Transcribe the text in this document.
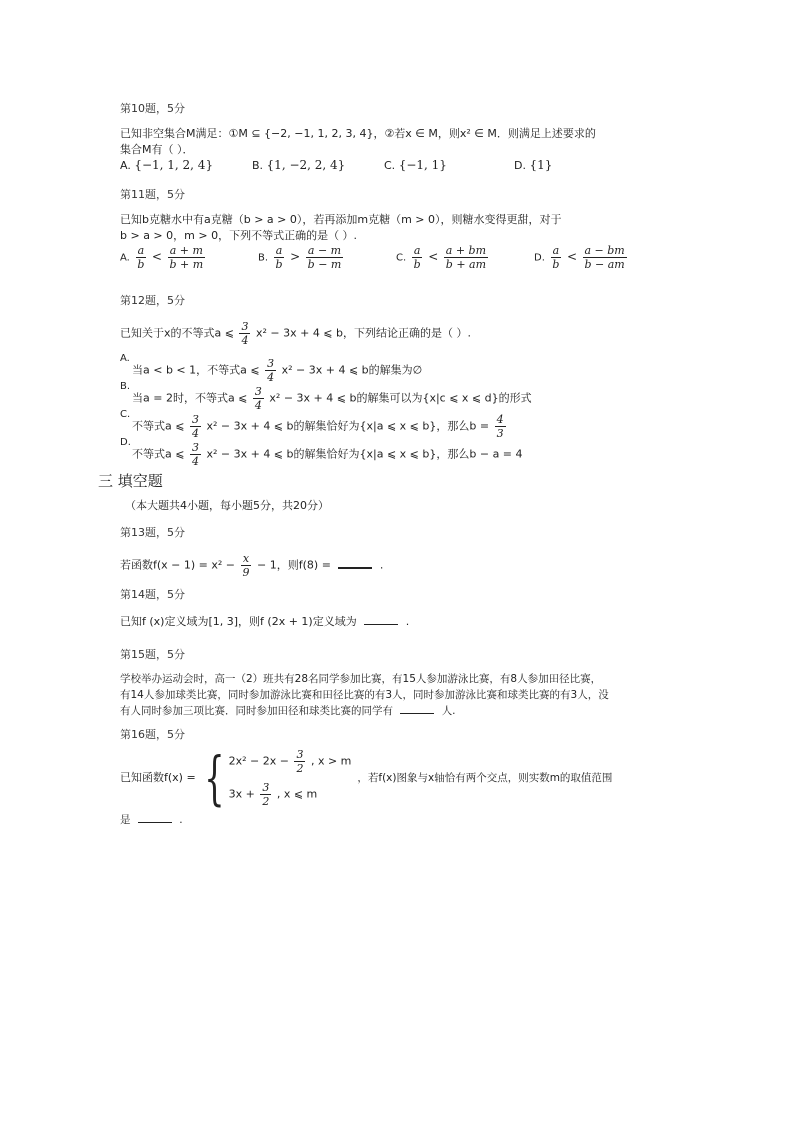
第10题，5分
已知非空集合M满足：①M ⊆ {−2, −1, 1, 2, 3, 4}，②若x ∈ M，则x² ∈ M．则满足上述要求的
集合M有（ ）．
A. {−1, 1, 2, 4}	B. {1, −2, 2, 4}	C. {−1, 1}	D. {1}
第11题，5分
已知b克糖水中有a克糖（b > a > 0），若再添加m克糖（m > 0），则糖水变得更甜，对于
b > a > 0，m > 0，下列不等式正确的是（ ）.
A. $\frac{a}{b} < \frac{a + m}{b + m}$	B. $\frac{a}{b} > \frac{a - m}{b - m}$	C. $\frac{a}{b} < \frac{a + bm}{b + am}$	D. $\frac{a}{b} < \frac{a - bm}{b - am}$
第12题，5分
已知关于x的不等式a ⩽ $\frac{3}{4} x^2 - 3x + 4$ ⩽ b，下列结论正确的是（ ）.
A.
当a < b < 1，不等式a ⩽ $\frac{3}{4} x^2 - 3x + 4$ ⩽ b的解集为∅
B.
当a = 2时，不等式a ⩽ $\frac{3}{4} x^2 - 3x + 4$ ⩽ b的解集可以为{x|c ⩽ x ⩽ d}的形式
C.
不等式a ⩽ $\frac{3}{4} x^2 - 3x + 4$ ⩽ b的解集恰好为{x|a ⩽ x ⩽ b}，那么$b = \frac{4}{3}$
D.
不等式a ⩽ $\frac{3}{4} x^2 - 3x + 4$ ⩽ b的解集恰好为{x|a ⩽ x ⩽ b}，那么b − a = 4
三 填空题
（本大题共4小题，每小题5分，共20分）
第13题，5分
若函数$f(x - 1) = x^2 - \frac{x}{9} - 1$，则f(8) =	.
第14题，5分
已知f (x)定义域为[1, 3]，则f (2x + 1)定义域为	.
第15题，5分
学校举办运动会时，高一（2）班共有28名同学参加比赛，有15人参加游泳比赛，有8人参加田径比赛，
有14人参加球类比赛，同时参加游泳比赛和田径比赛的有3人，同时参加游泳比赛和球类比赛的有3人，没
有人同时参加三项比赛．同时参加田径和球类比赛的同学有	人.
第16题，5分
已知函数f(x) = { $2x^2 - 2x - \frac{3}{2}$ , x > m
$3x + \frac{3}{2}$ , x ⩽ m
，若f(x)图象与x轴恰有两个交点，则实数m的取值范围
是	.
